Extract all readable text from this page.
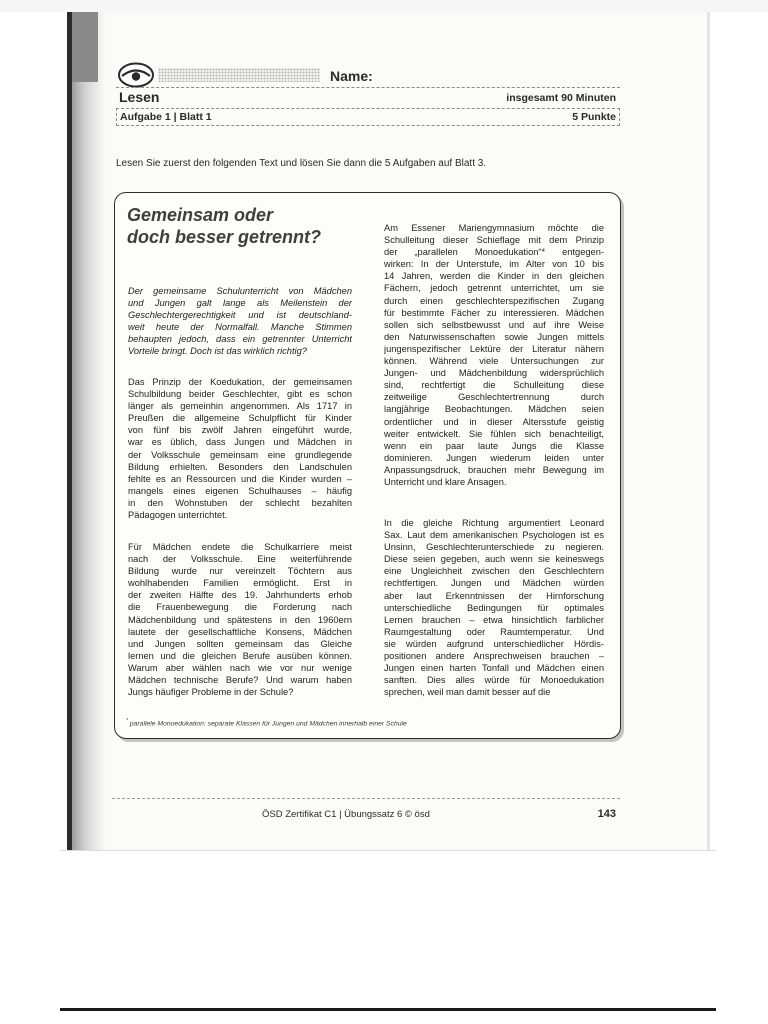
Name:
Lesen	insgesamt 90 Minuten
Aufgabe 1 | Blatt 1	5 Punkte
Lesen Sie zuerst den folgenden Text und lösen Sie dann die 5 Aufgaben auf Blatt 3.
Gemeinsam oder
doch besser getrennt?
Der gemeinsame Schulunterricht von Mädchen
und Jungen galt lange als Meilenstein der
Geschlechtergerechtigkeit und ist deutschland-
weit heute der Normalfall. Manche Stimmen
behaupten jedoch, dass ein getrennter Unterricht
Vorteile bringt. Doch ist das wirklich richtig?
Das Prinzip der Koedukation, der gemeinsamen
Schulbildung beider Geschlechter, gibt es schon
länger als gemeinhin angenommen. Als 1717 in
Preußen die allgemeine Schulpflicht für Kinder
von fünf bis zwölf Jahren eingeführt wurde,
war es üblich, dass Jungen und Mädchen in
der Volksschule gemeinsam eine grundlegende
Bildung erhielten. Besonders den Landschulen
fehlte es an Ressourcen und die Kinder wurden –
mangels eines eigenen Schulhauses – häufig
in den Wohnstuben der schlecht bezahlten
Pädagogen unterrichtet.
Für Mädchen endete die Schulkarriere meist
nach der Volksschule. Eine weiterführende
Bildung wurde nur vereinzelt Töchtern aus
wohlhabenden Familien ermöglicht. Erst in
der zweiten Hälfte des 19. Jahrhunderts erhob
die Frauenbewegung die Forderung nach
Mädchenbildung und spätestens in den 1960ern
lautete der gesellschaftliche Konsens, Mädchen
und Jungen sollten gemeinsam das Gleiche
lernen und die gleichen Berufe ausüben können.
Warum aber wählen nach wie vor nur wenige
Mädchen technische Berufe? Und warum haben
Jungs häufiger Probleme in der Schule?
Am Essener Mariengymnasium möchte die
Schulleitung dieser Schieflage mit dem Prinzip
der „parallelen Monoedukation“* entgegen-
wirken: In der Unterstufe, im Alter von 10 bis
14 Jahren, werden die Kinder in den gleichen
Fächern, jedoch getrennt unterrichtet, um sie
durch einen geschlechterspezifischen Zugang
für bestimmte Fächer zu interessieren. Mädchen
sollen sich selbstbewusst und auf ihre Weise
den Naturwissenschaften sowie Jungen mittels
jungenspezifischer Lektüre der Literatur nähern
können. Während viele Untersuchungen zur
Jungen- und Mädchenbildung widersprüchlich
sind, rechtfertigt die Schulleitung diese
zeitweilige Geschlechtertrennung durch
langjährige Beobachtungen. Mädchen seien
ordentlicher und in dieser Altersstufe geistig
weiter entwickelt. Sie fühlen sich benachteiligt,
wenn ein paar laute Jungs die Klasse
dominieren. Jungen wiederum leiden unter
Anpassungsdruck, brauchen mehr Bewegung im
Unterricht und klare Ansagen.
In die gleiche Richtung argumentiert Leonard
Sax. Laut dem amerikanischen Psychologen ist es
Unsinn, Geschlechterunterschiede zu negieren.
Diese seien gegeben, auch wenn sie keineswegs
eine Ungleichheit zwischen den Geschlechtern
rechtfertigen. Jungen und Mädchen würden
aber laut Erkenntnissen der Hirnforschung
unterschiedliche Bedingungen für optimales
Lernen brauchen – etwa hinsichtlich farblicher
Raumgestaltung oder Raumtemperatur. Und
sie würden aufgrund unterschiedlicher Hördis-
positionen andere Ansprechweisen brauchen –
Jungen einen harten Tonfall und Mädchen einen
sanften. Dies alles würde für Monoedukation
sprechen, weil man damit besser auf die
* parallele Monoedukation: separate Klassen für Jungen und Mädchen innerhalb einer Schule
ÖSD Zertifikat C1 | Übungssatz 6 © ösd	143
